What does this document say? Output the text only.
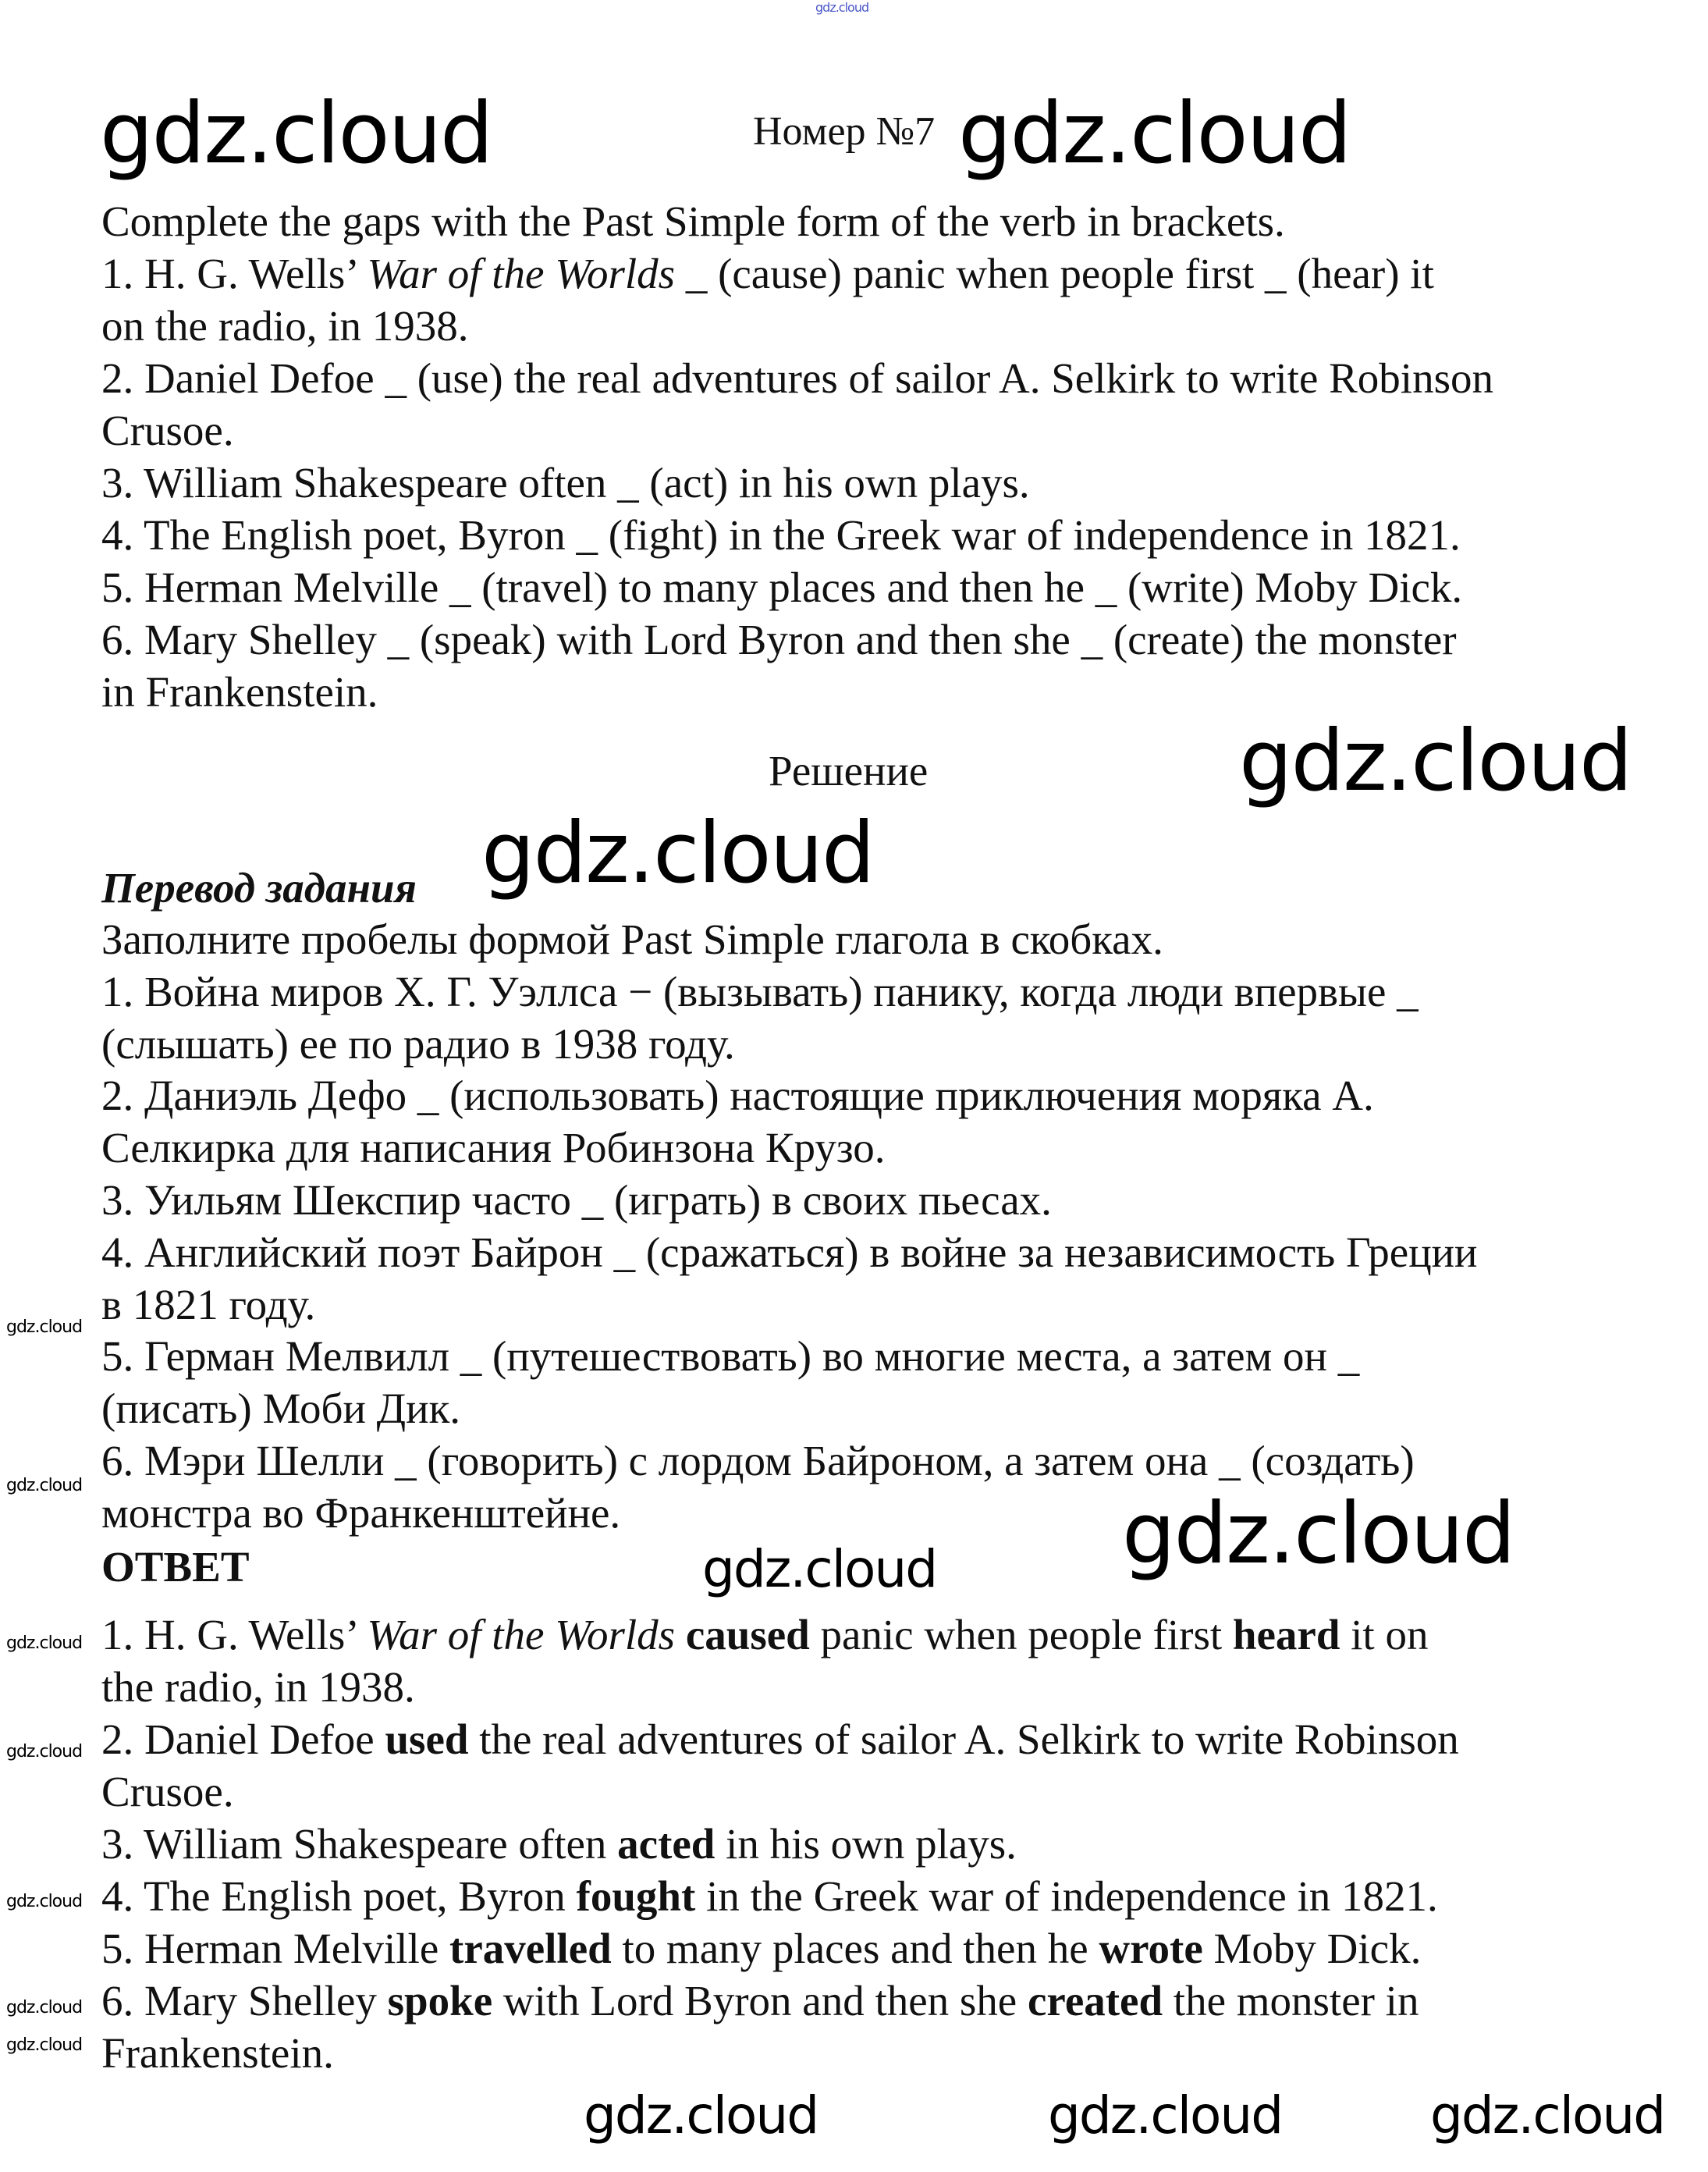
Номер №7
Complete the gaps with the Past Simple form of the verb in brackets.
1. H. G. Wells’ War of the Worlds _ (cause) panic when people first _ (hear) it
on the radio, in 1938.
2. Daniel Defoe _ (use) the real adventures of sailor A. Selkirk to write Robinson
Crusoe.
3. William Shakespeare often _ (act) in his own plays.
4. The English poet, Byron _ (fight) in the Greek war of independence in 1821.
5. Herman Melville _ (travel) to many places and then he _ (write) Moby Dick.
6. Mary Shelley _ (speak) with Lord Byron and then she _ (create) the monster
in Frankenstein.
Решение
Перевод задания
Заполните пробелы формой Past Simple глагола в скобках.
1. Война миров Х. Г. Уэллса − (вызывать) панику, когда люди впервые _
(слышать) ее по радио в 1938 году.
2. Даниэль Дефо _ (использовать) настоящие приключения моряка А.
Селкирка для написания Робинзона Крузо.
3. Уильям Шекспир часто _ (играть) в своих пьесах.
4. Английский поэт Байрон _ (сражаться) в войне за независимость Греции
в 1821 году.
5. Герман Мелвилл _ (путешествовать) во многие места, а затем он _
(писать) Моби Дик.
6. Мэри Шелли _ (говорить) с лордом Байроном, а затем она _ (создать)
монстра во Франкенштейне.
ОТВЕТ
1. H. G. Wells’ War of the Worlds caused panic when people first heard it on
the radio, in 1938.
2. Daniel Defoe used the real adventures of sailor A. Selkirk to write Robinson
Crusoe.
3. William Shakespeare often acted in his own plays.
4. The English poet, Byron fought in the Greek war of independence in 1821.
5. Herman Melville travelled to many places and then he wrote Moby Dick.
6. Mary Shelley spoke with Lord Byron and then she created the monster in
Frankenstein.
gdz.cloud
gdz.cloud	gdz.cloud
gdz.cloud
gdz.cloud
gdz.cloud
gdz.cloud
gdz.cloud	gdz.cloud	gdz.cloud
gdz.cloud
gdz.cloud
gdz.cloud
gdz.cloud
gdz.cloud
gdz.cloud
gdz.cloud
